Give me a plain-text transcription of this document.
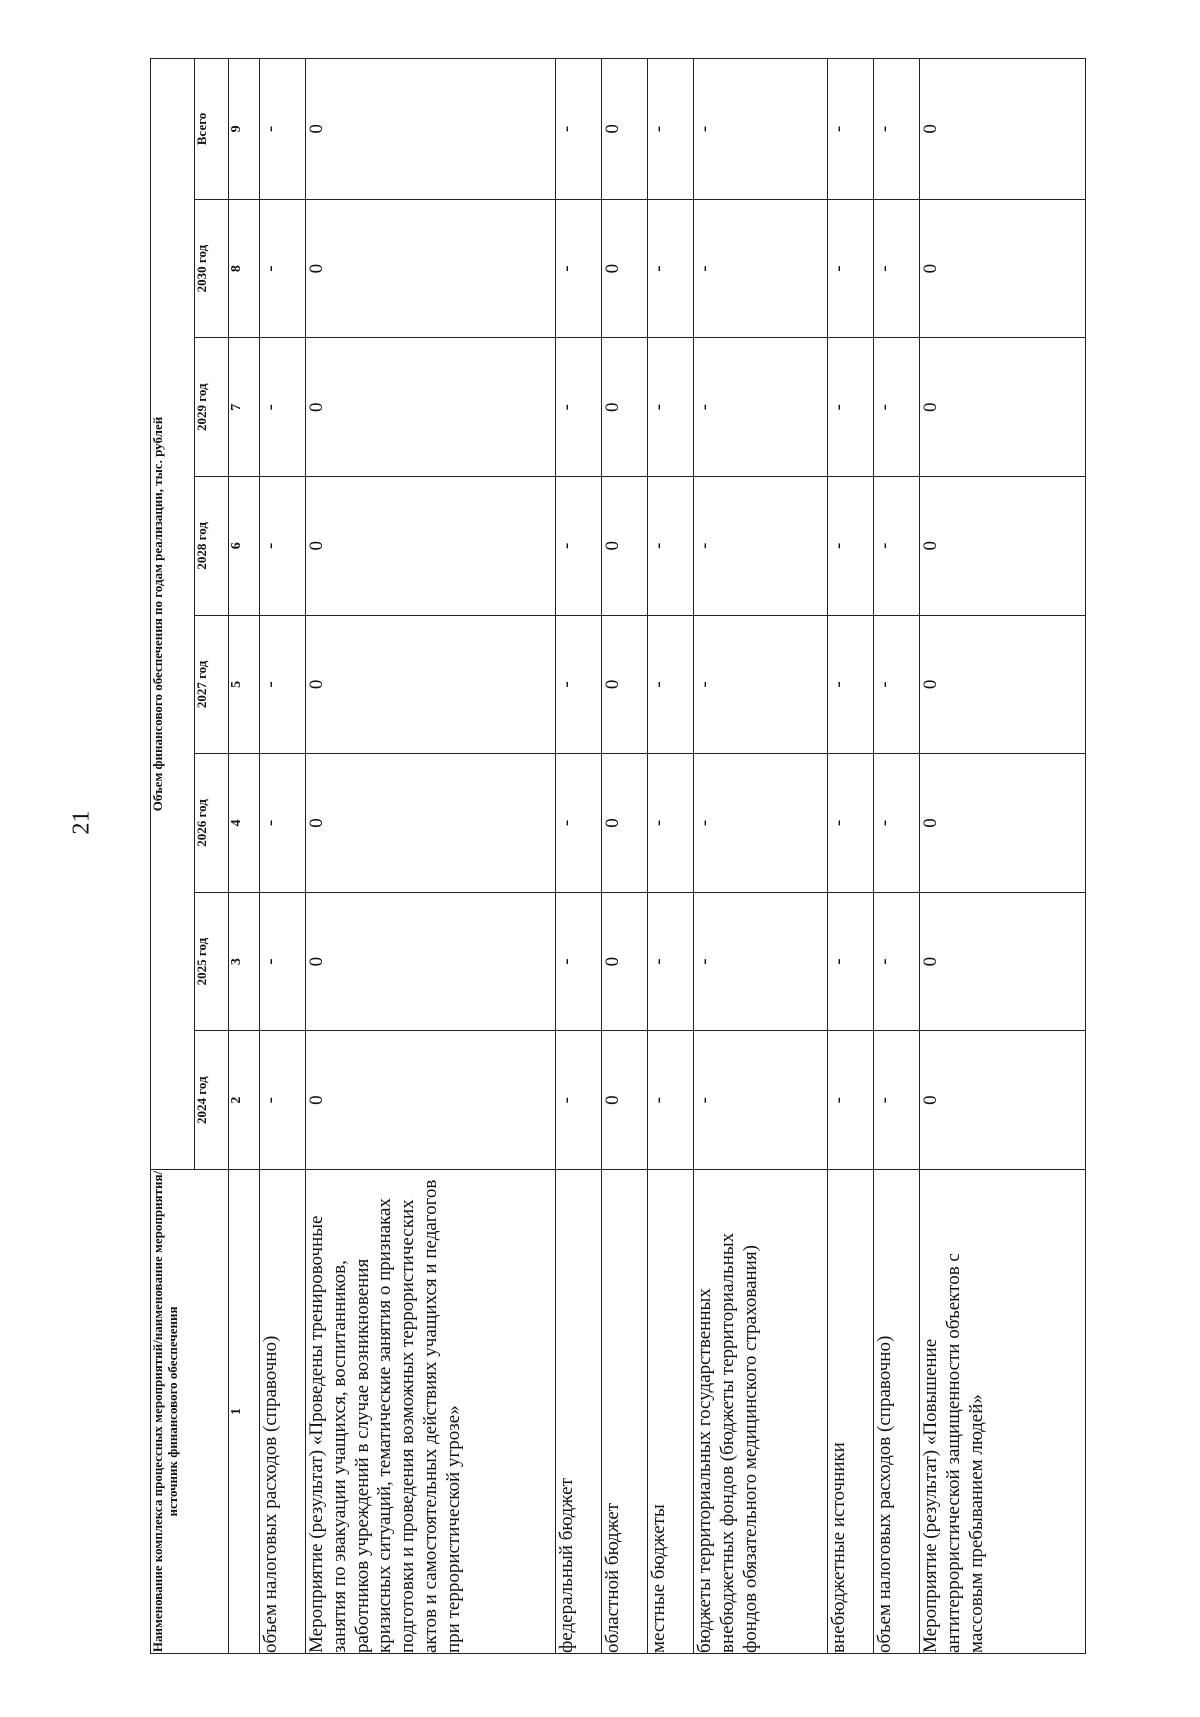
21
Наименование комплекса процессных мероприятий/наименование мероприятия/ источник финансового обеспечения	Объем финансового обеспечения по годам реализации, тыс. рублей							
	2024 год	2025 год	2026 год	2027 год	2028 год	2029 год	2030 год	Всего
1	2	3	4	5	6	7	8	9
объем налоговых расходов (справочно)	-	-	-	-	-	-	-	-
Мероприятие (результат) «Проведены тренировочные занятия по эвакуации учащихся, воспитанников, работников учреждений в случае возникновения кризисных ситуаций, тематические занятия о признаках подготовки и проведения возможных террористических актов и самостоятельных действиях учащихся и педагогов при террористической угрозе»	0	0	0	0	0	0	0	0
федеральный бюджет	-	-	-	-	-	-	-	-
областной бюджет	0	0	0	0	0	0	0	0
местные бюджеты	-	-	-	-	-	-	-	-
бюджеты территориальных государственных внебюджетных фондов (бюджеты территориальных фондов обязательного медицинского страхования)	-	-	-	-	-	-	-	-
внебюджетные источники	-	-	-	-	-	-	-	-
объем налоговых расходов (справочно)	-	-	-	-	-	-	-	-
Мероприятие (результат) «Повышение антитеррористической защищенности объектов с массовым пребыванием людей»	0	0	0	0	0	0	0	0
